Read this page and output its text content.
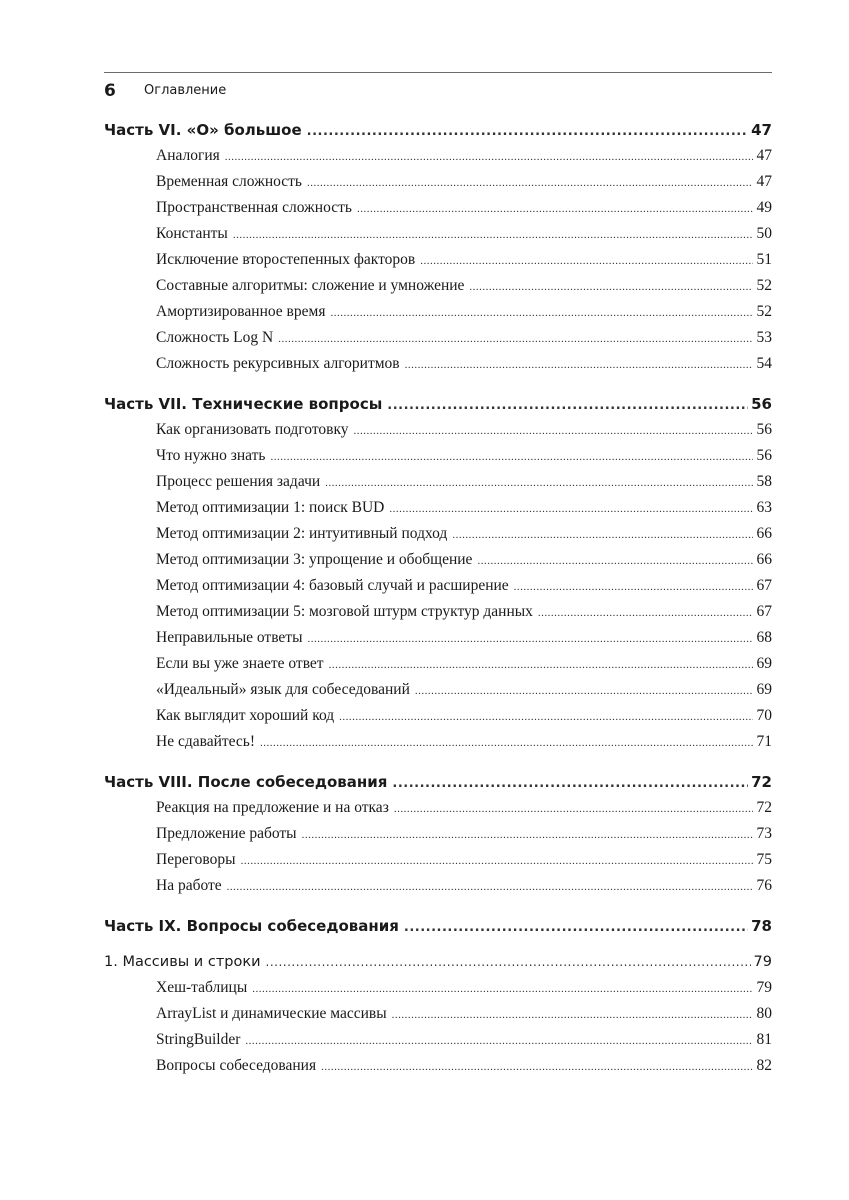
6 Оглавление
Часть VI. «O» большое .....	47
Аналогия .....	47
Временная сложность .....	47
Пространственная сложность .....	49
Константы .....	50
Исключение второстепенных факторов .....	51
Составные алгоритмы: сложение и умножение .....	52
Амортизированное время .....	52
Сложность Log N .....	53
Сложность рекурсивных алгоритмов .....	54
Часть VII. Технические вопросы .....	56
Как организовать подготовку .....	56
Что нужно знать .....	56
Процесс решения задачи .....	58
Метод оптимизации 1: поиск BUD .....	63
Метод оптимизации 2: интуитивный подход .....	66
Метод оптимизации 3: упрощение и обобщение .....	66
Метод оптимизации 4: базовый случай и расширение .....	67
Метод оптимизации 5: мозговой штурм структур данных .....	67
Неправильные ответы .....	68
Если вы уже знаете ответ .....	69
«Идеальный» язык для собеседований .....	69
Как выглядит хороший код .....	70
Не сдавайтесь! .....	71
Часть VIII. После собеседования .....	72
Реакция на предложение и на отказ .....	72
Предложение работы .....	73
Переговоры .....	75
На работе .....	76
Часть IX. Вопросы собеседования .....	78
1. Массивы и строки .....	79
Хеш-таблицы .....	79
ArrayList и динамические массивы .....	80
StringBuilder .....	81
Вопросы собеседования .....	82
